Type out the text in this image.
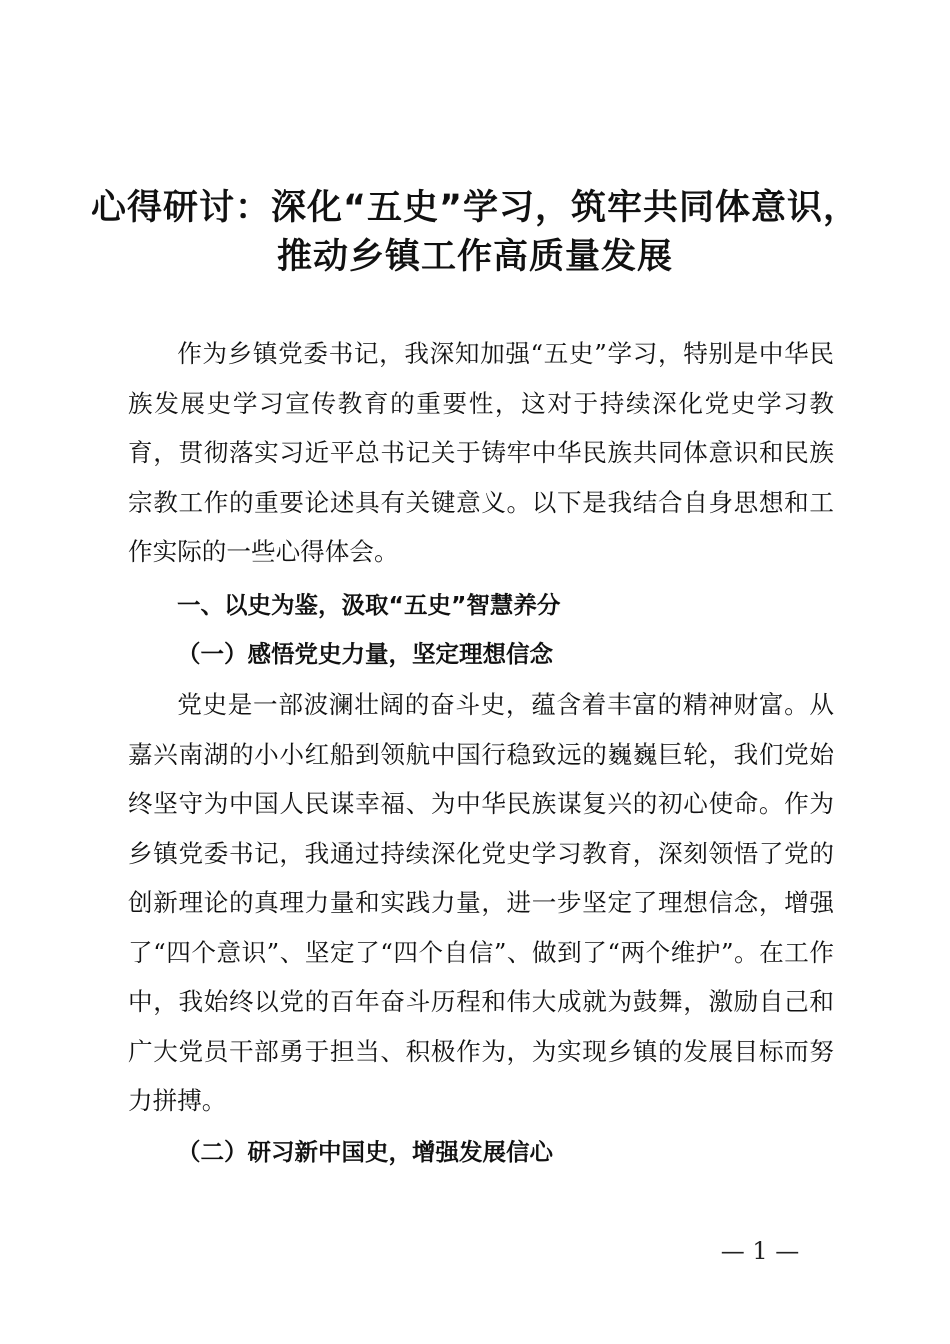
心得研讨：深化“五史”学习，筑牢共同体意识，
推动乡镇工作高质量发展

作为乡镇党委书记，我深知加强“五史”学习，特别是中华民族发展史学习宣传教育的重要性，这对于持续深化党史学习教育，贯彻落实习近平总书记关于铸牢中华民族共同体意识和民族宗教工作的重要论述具有关键意义。以下是我结合自身思想和工作实际的一些心得体会。

一、以史为鉴，汲取“五史”智慧养分
（一）感悟党史力量，坚定理想信念

党史是一部波澜壮阔的奋斗史，蕴含着丰富的精神财富。从嘉兴南湖的小小红船到领航中国行稳致远的巍巍巨轮，我们党始终坚守为中国人民谋幸福、为中华民族谋复兴的初心使命。作为乡镇党委书记，我通过持续深化党史学习教育，深刻领悟了党的创新理论的真理力量和实践力量，进一步坚定了理想信念，增强了“四个意识”、坚定了“四个自信”、做到了“两个维护”。在工作中，我始终以党的百年奋斗历程和伟大成就为鼓舞，激励自己和广大党员干部勇于担当、积极作为，为实现乡镇的发展目标而努力拼搏。

（二）研习新中国史，增强发展信心
— 1 —
